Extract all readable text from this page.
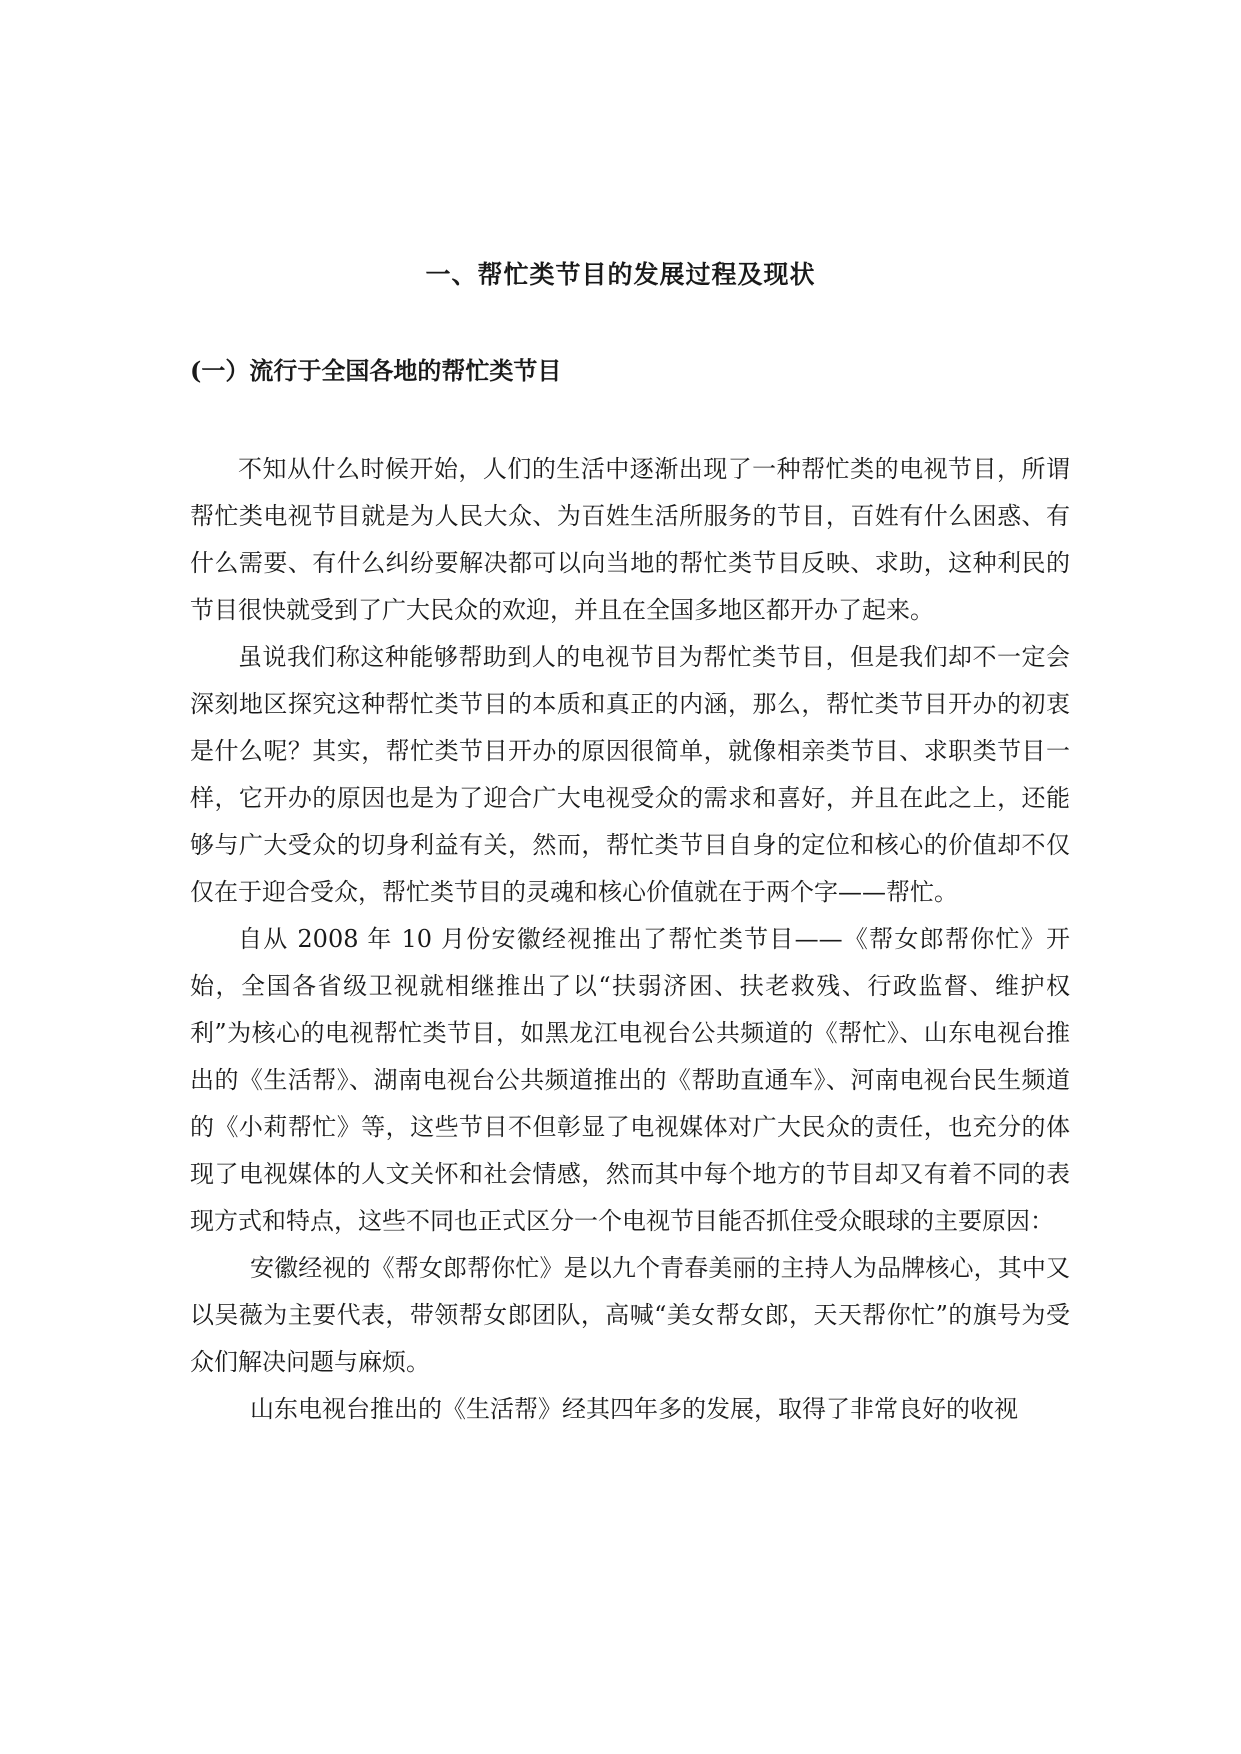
一、帮忙类节目的发展过程及现状
(一）流行于全国各地的帮忙类节目

不知从什么时候开始，人们的生活中逐渐出现了一种帮忙类的电视节目，所谓帮忙类电视节目就是为人民大众、为百姓生活所服务的节目，百姓有什么困惑、有什么需要、有什么纠纷要解决都可以向当地的帮忙类节目反映、求助，这种利民的节目很快就受到了广大民众的欢迎，并且在全国多地区都开办了起来。

虽说我们称这种能够帮助到人的电视节目为帮忙类节目，但是我们却不一定会深刻地区探究这种帮忙类节目的本质和真正的内涵，那么，帮忙类节目开办的初衷是什么呢？其实，帮忙类节目开办的原因很简单，就像相亲类节目、求职类节目一样，它开办的原因也是为了迎合广大电视受众的需求和喜好，并且在此之上，还能够与广大受众的切身利益有关，然而，帮忙类节目自身的定位和核心的价值却不仅仅在于迎合受众，帮忙类节目的灵魂和核心价值就在于两个字——帮忙。

自从 2008 年 10 月份安徽经视推出了帮忙类节目——《帮女郎帮你忙》开始，全国各省级卫视就相继推出了以“扶弱济困、扶老救残、行政监督、维护权利”为核心的电视帮忙类节目，如黑龙江电视台公共频道的《帮忙》、山东电视台推出的《生活帮》、湖南电视台公共频道推出的《帮助直通车》、河南电视台民生频道的《小莉帮忙》等，这些节目不但彰显了电视媒体对广大民众的责任，也充分的体现了电视媒体的人文关怀和社会情感，然而其中每个地方的节目却又有着不同的表现方式和特点，这些不同也正式区分一个电视节目能否抓住受众眼球的主要原因：

安徽经视的《帮女郎帮你忙》是以九个青春美丽的主持人为品牌核心，其中又以吴薇为主要代表，带领帮女郎团队，高喊“美女帮女郎，天天帮你忙”的旗号为受众们解决问题与麻烦。

山东电视台推出的《生活帮》经其四年多的发展，取得了非常良好的收视
